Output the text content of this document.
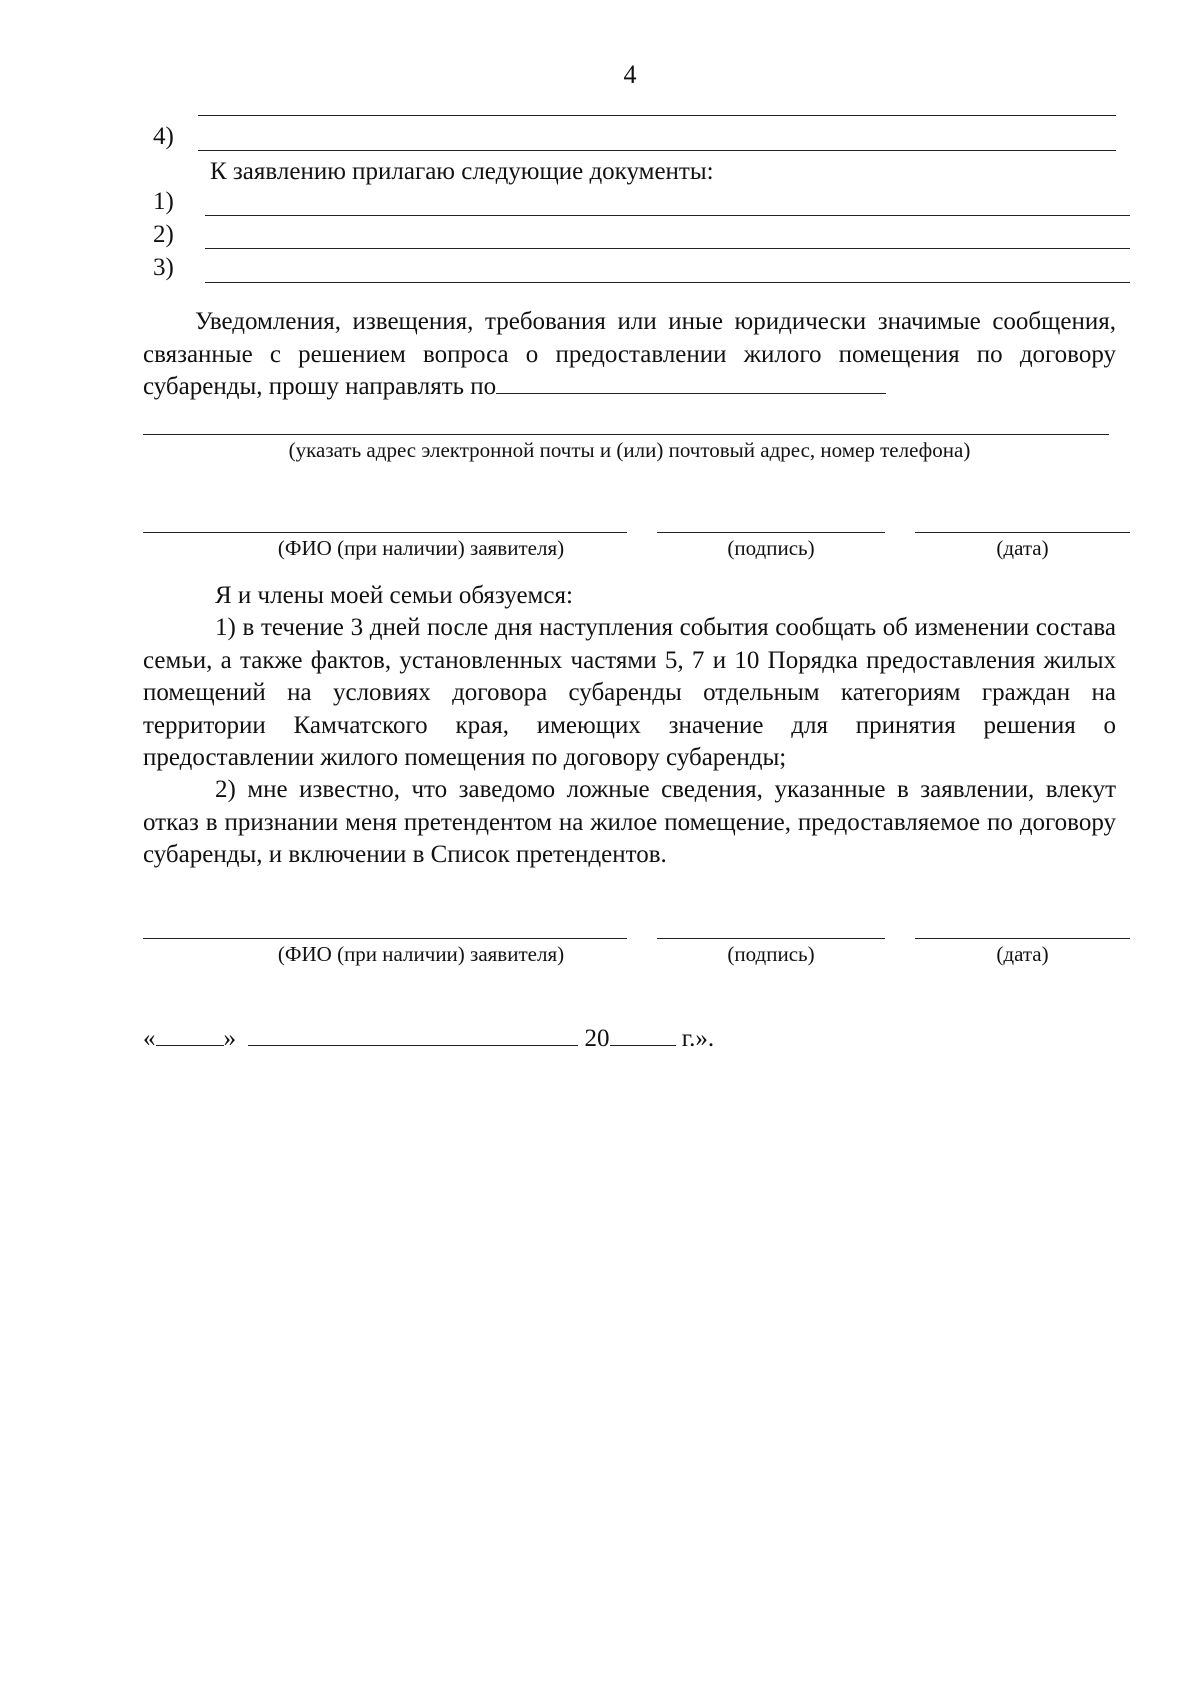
4
4)
К заявлению прилагаю следующие документы:
1)
2)
3)
Уведомления, извещения, требования или иные юридически значимые сообщения, связанные с решением вопроса о предоставлении жилого помещения по договору субаренды, прошу направлять по
(указать адрес электронной почты и (или) почтовый адрес, номер телефона)
(ФИО (при наличии) заявителя)	(подпись)	(дата)
Я и члены моей семьи обязуемся:
1) в течение 3 дней после дня наступления события сообщать об изменении состава семьи, а также фактов, установленных частями 5, 7 и 10 Порядка предоставления жилых помещений на условиях договора субаренды отдельным категориям граждан на территории Камчатского края, имеющих значение для принятия решения о предоставлении жилого помещения по договору субаренды;
2) мне известно, что заведомо ложные сведения, указанные в заявлении, влекут отказ в признании меня претендентом на жилое помещение, предоставляемое по договору субаренды, и включении в Список претендентов.
(ФИО (при наличии) заявителя)	(подпись)	(дата)
«	»	20	г.».
